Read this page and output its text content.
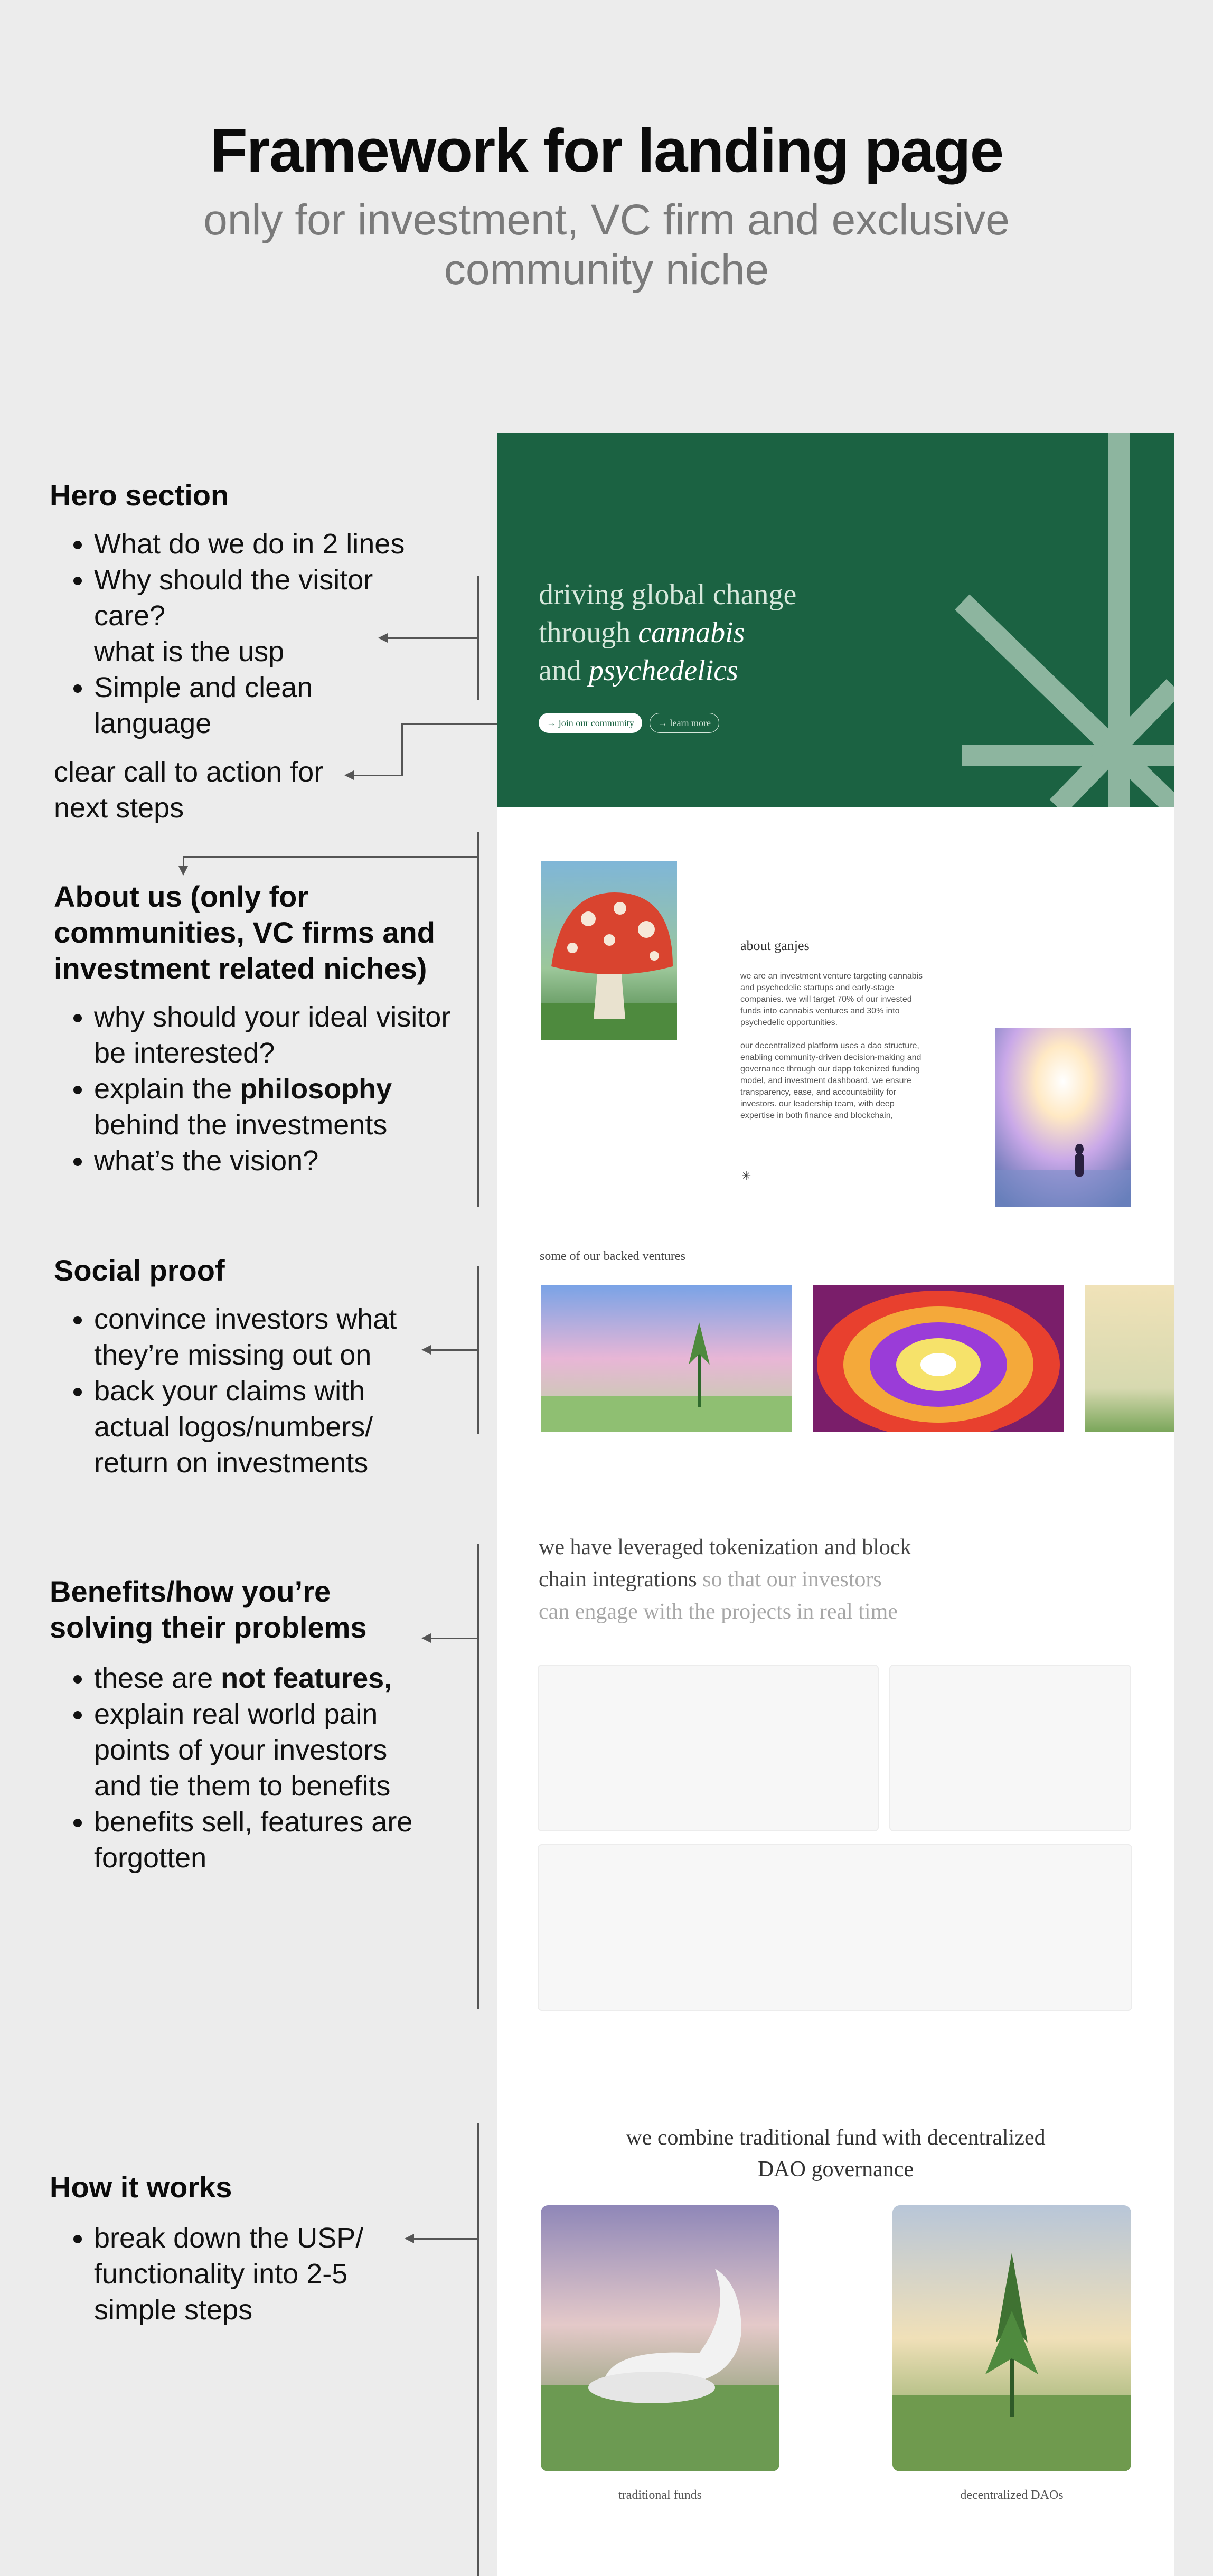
Framework for landing page
only for investment, VC firm and exclusive
community niche
Hero section
• What do we do in 2 lines
• Why should the visitor care?
what is the usp
• Simple and clean language
clear call to action for
next steps
About us (only for
communities, VC firms and
investment related niches)
• why should your ideal visitor be interested?
• explain the philosophy behind the investments
• what’s the vision?
Social proof
• convince investors what they’re missing out on
• back your claims with actual logos/numbers/ return on investments
Benefits/how you’re
solving their problems
• these are not features,
• explain real world pain points of your investors and tie them to benefits
• benefits sell, features are forgotten
How it works
• break down the USP/ functionality into 2-5 simple steps
driving global change
through cannabis
and psychedelics
→ join our community	→ learn more
about ganjes
we are an investment venture targeting cannabis and psychedelic startups and early-stage companies. we will target 70% of our invested funds into cannabis ventures and 30% into psychedelic opportunities.
our decentralized platform uses a dao structure, enabling community-driven decision-making and governance through our dapp tokenized funding model, and investment dashboard, we ensure transparency, ease, and accountability for investors. our leadership team, with deep expertise in both finance and blockchain,
✳
some of our backed ventures
we have leveraged tokenization and block
chain integrations so that our investors
can engage with the projects in real time
we combine traditional fund with decentralized
DAO governance
traditional funds	decentralized DAOs
